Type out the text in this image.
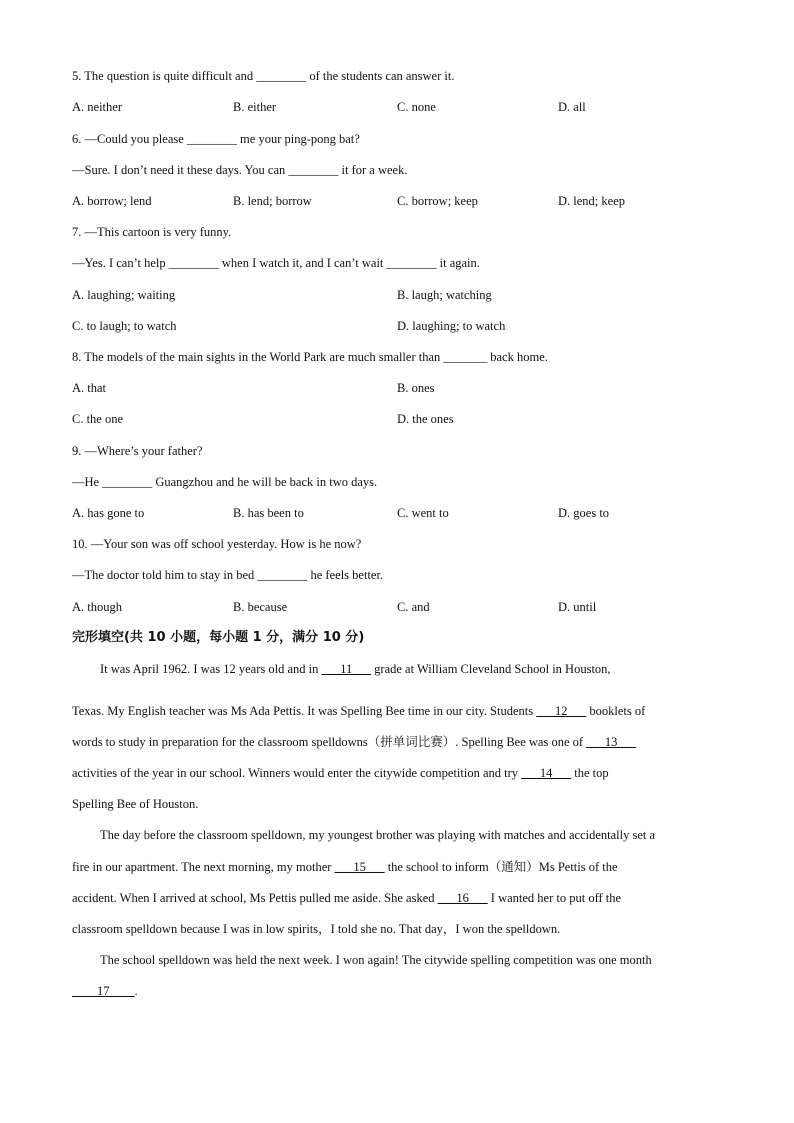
5. The question is quite difficult and ________ of the students can answer it.
A. neither	B. either	C. none	D. all
6. —Could you please ________ me your ping-pong bat?
—Sure. I don’t need it these days. You can ________ it for a week.
A. borrow; lend	B. lend; borrow	C. borrow; keep	D. lend; keep
7. —This cartoon is very funny.
—Yes. I can’t help ________ when I watch it, and I can’t wait ________ it again.
A. laughing; waiting	B. laugh; watching
C. to laugh; to watch	D. laughing; to watch
8. The models of the main sights in the World Park are much smaller than _______ back home.
A. that	B. ones
C. the one	D. the ones
9. —Where’s your father?
—He ________ Guangzhou and he will be back in two days.
A. has gone to	B. has been to	C. went to	D. goes to
10. —Your son was off school yesterday. How is he now?
—The doctor told him to stay in bed ________ he feels better.
A. though	B. because	C. and	D. until
完形填空(共 10 小题，每小题 1 分，满分 10 分)
It was April 1962. I was 12 years old and in ___11___ grade at William Cleveland School in Houston,
Texas. My English teacher was Ms Ada Pettis. It was Spelling Bee time in our city. Students ___12___ booklets of
words to study in preparation for the classroom spelldowns（拼单词比赛）. Spelling Bee was one of ___13___
activities of the year in our school. Winners would enter the citywide competition and try ___14___ the top
Spelling Bee of Houston.
The day before the classroom spelldown, my youngest brother was playing with matches and accidentally set a
fire in our apartment. The next morning, my mother ___15___ the school to inform（通知）Ms Pettis of the
accident. When I arrived at school, Ms Pettis pulled me aside. She asked ___16___ I wanted her to put off the
classroom spelldown because I was in low spirits，I told she no. That day，I won the spelldown.
The school spelldown was held the next week. I won again! The citywide spelling competition was one month
____17____.
